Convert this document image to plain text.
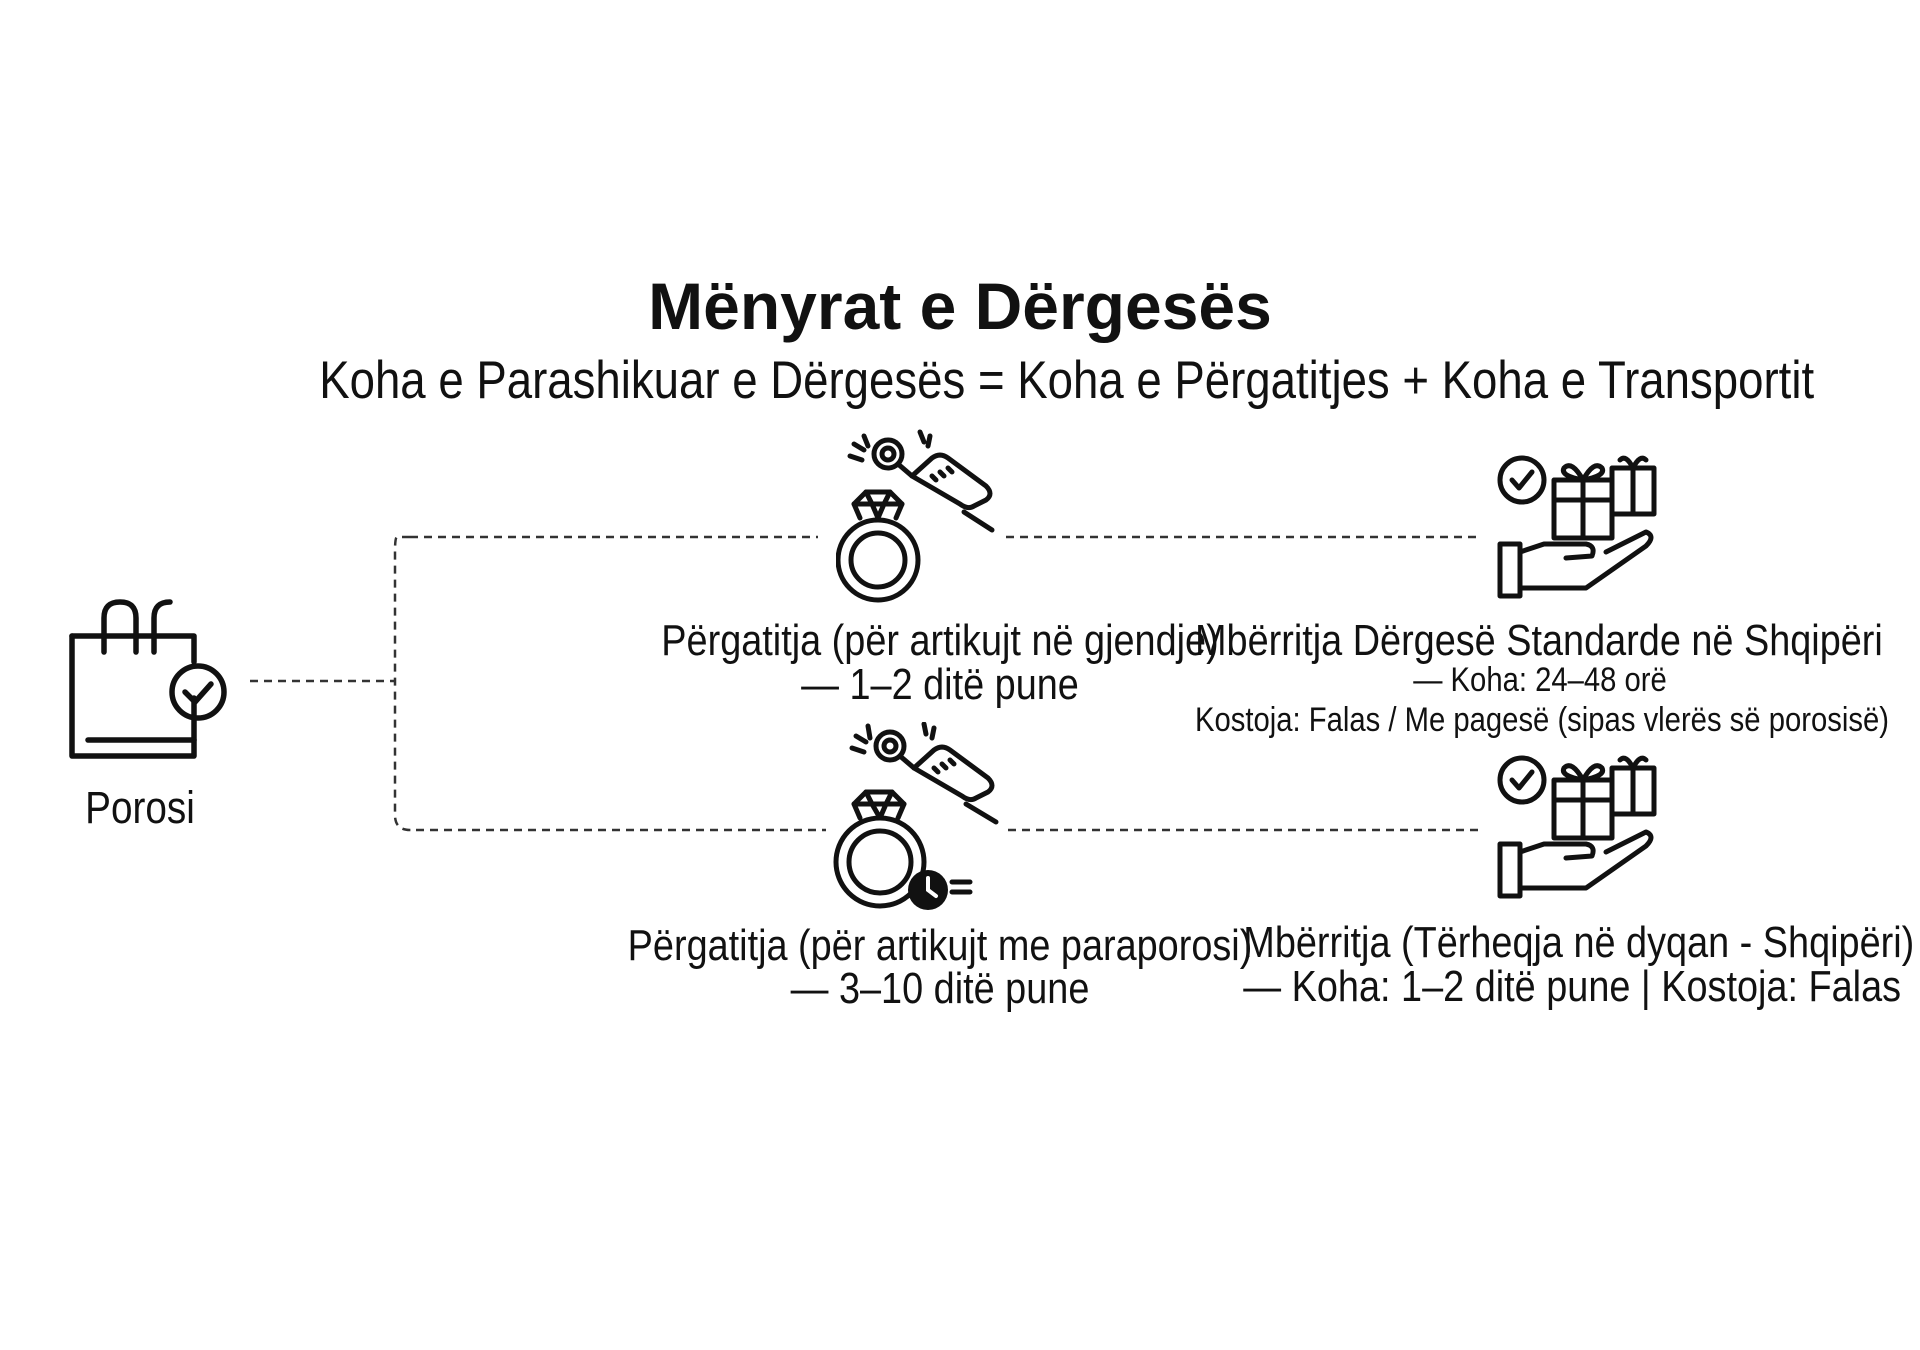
Mënyrat e Dërgesës
Koha e Parashikuar e Dërgesës = Koha e Përgatitjes + Koha e Transportit
Porosi
Përgatitja (për artikujt në gjendje)
— 1–2 ditë pune
Mbërritja Dërgesë Standarde në Shqipëri
— Koha: 24–48 orë
Kostoja: Falas / Me pagesë (sipas vlerës së porosisë)
Përgatitja (për artikujt me paraporosi)
— 3–10 ditë pune
Mbërritja (Tërheqja në dyqan - Shqipëri)
— Koha: 1–2 ditë pune | Kostoja: Falas
